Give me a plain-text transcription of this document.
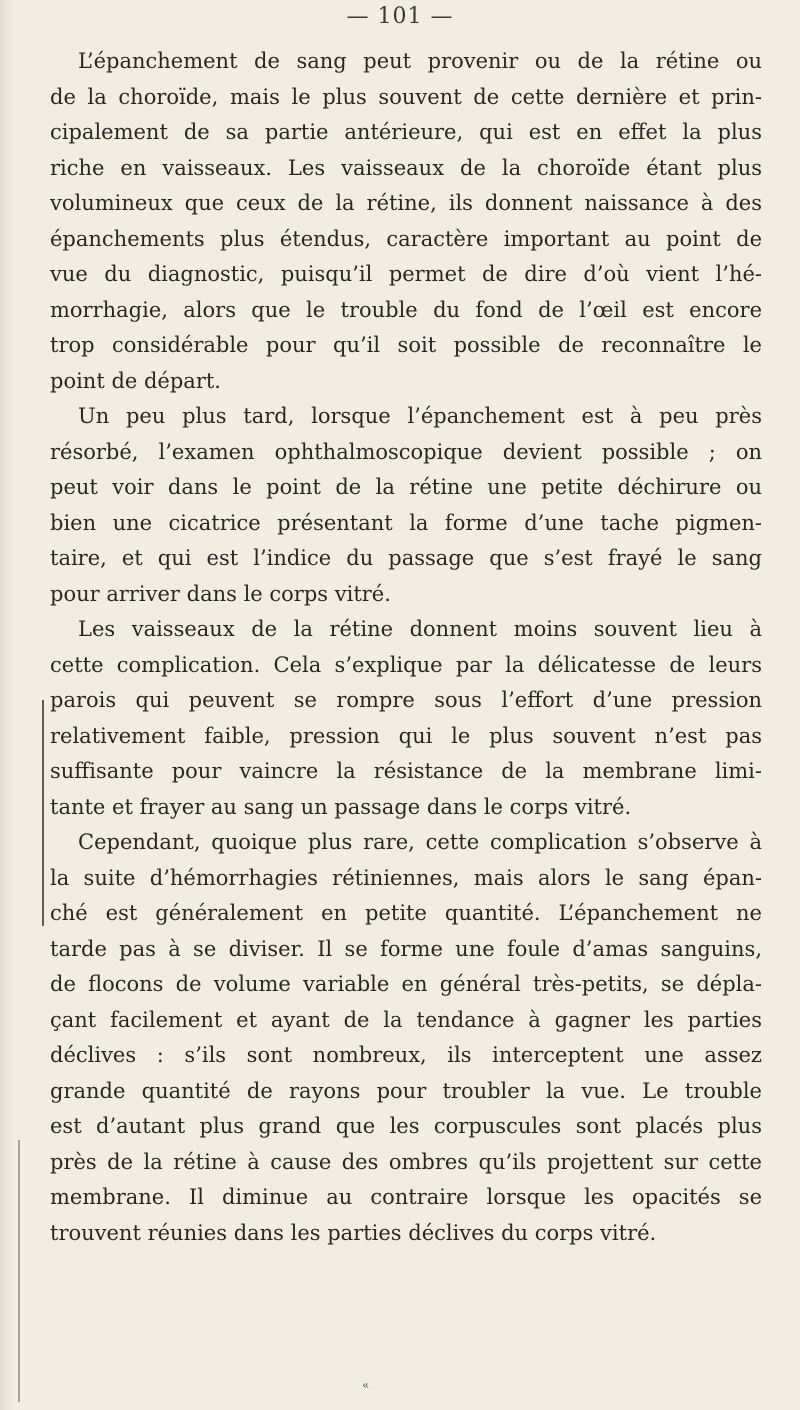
— 101 —
L’épanchement de sang peut provenir ou de la rétine ou
de la choroïde, mais le plus souvent de cette dernière et prin-
cipalement de sa partie antérieure, qui est en effet la plus
riche en vaisseaux. Les vaisseaux de la choroïde étant plus
volumineux que ceux de la rétine, ils donnent naissance à des
épanchements plus étendus, caractère important au point de
vue du diagnostic, puisqu’il permet de dire d’où vient l’hé-
morrhagie, alors que le trouble du fond de l’œil est encore
trop considérable pour qu’il soit possible de reconnaître le
point de départ.
Un peu plus tard, lorsque l’épanchement est à peu près
résorbé, l’examen ophthalmoscopique devient possible ; on
peut voir dans le point de la rétine une petite déchirure ou
bien une cicatrice présentant la forme d’une tache pigmen-
taire, et qui est l’indice du passage que s’est frayé le sang
pour arriver dans le corps vitré.
Les vaisseaux de la rétine donnent moins souvent lieu à
cette complication. Cela s’explique par la délicatesse de leurs
parois qui peuvent se rompre sous l’effort d’une pression
relativement faible, pression qui le plus souvent n’est pas
suffisante pour vaincre la résistance de la membrane limi-
tante et frayer au sang un passage dans le corps vitré.
Cependant, quoique plus rare, cette complication s’observe à
la suite d’hémorrhagies rétiniennes, mais alors le sang épan-
ché est généralement en petite quantité. L’épanchement ne
tarde pas à se diviser. Il se forme une foule d’amas sanguins,
de flocons de volume variable en général très-petits, se dépla-
çant facilement et ayant de la tendance à gagner les parties
déclives : s’ils sont nombreux, ils interceptent une assez
grande quantité de rayons pour troubler la vue. Le trouble
est d’autant plus grand que les corpuscules sont placés plus
près de la rétine à cause des ombres qu’ils projettent sur cette
membrane. Il diminue au contraire lorsque les opacités se
trouvent réunies dans les parties déclives du corps vitré.
«
